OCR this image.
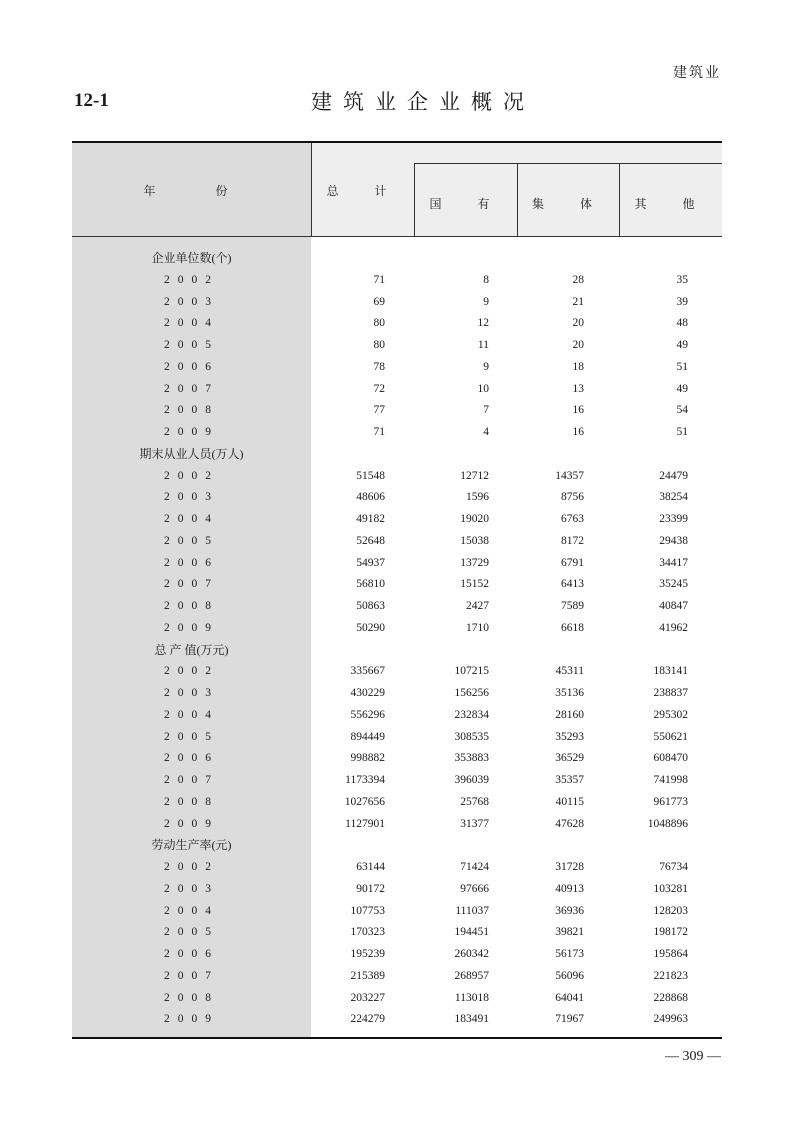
建筑业
12-1	建筑业企业概况
年　　份	总　计
国　有	集　体	其　他
企业单位数(个)
2002	71	8	28	35
2003	69	9	21	39
2004	80	12	20	48
2005	80	11	20	49
2006	78	9	18	51
2007	72	10	13	49
2008	77	7	16	54
2009	71	4	16	51
期末从业人员(万人)
2002	51548	12712	14357	24479
2003	48606	1596	8756	38254
2004	49182	19020	6763	23399
2005	52648	15038	8172	29438
2006	54937	13729	6791	34417
2007	56810	15152	6413	35245
2008	50863	2427	7589	40847
2009	50290	1710	6618	41962
总 产 值(万元)
2002	335667	107215	45311	183141
2003	430229	156256	35136	238837
2004	556296	232834	28160	295302
2005	894449	308535	35293	550621
2006	998882	353883	36529	608470
2007	1173394	396039	35357	741998
2008	1027656	25768	40115	961773
2009	1127901	31377	47628	1048896
劳动生产率(元)
2002	63144	71424	31728	76734
2003	90172	97666	40913	103281
2004	107753	111037	36936	128203
2005	170323	194451	39821	198172
2006	195239	260342	56173	195864
2007	215389	268957	56096	221823
2008	203227	113018	64041	228868
2009	224279	183491	71967	249963
— 309 —
